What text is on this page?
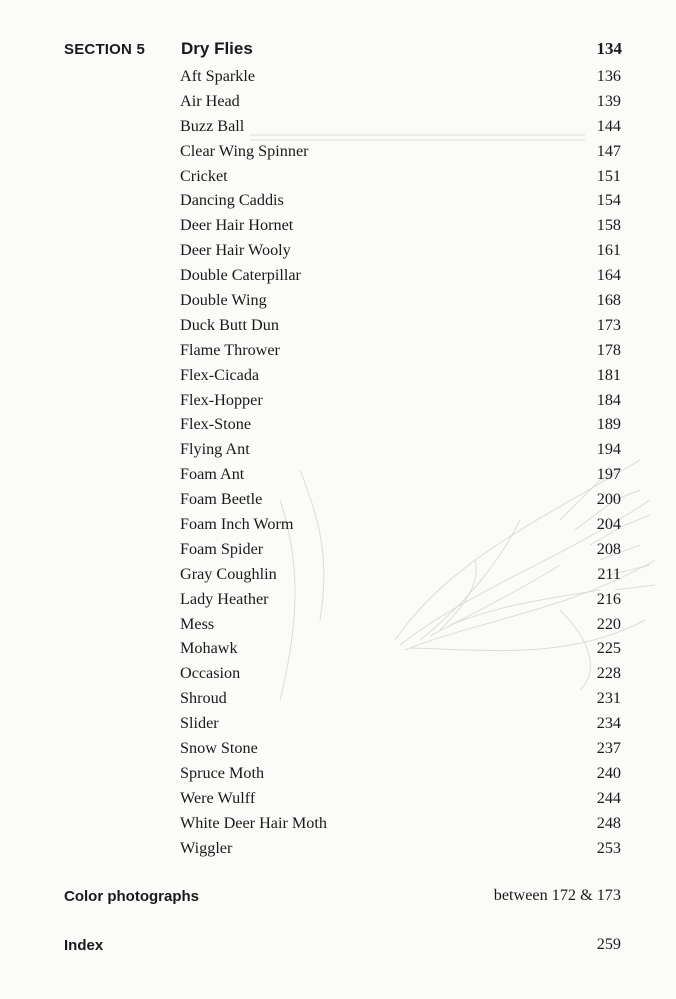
SECTION 5 Dry Flies	134
Aft Sparkle	136
Air Head	139
Buzz Ball	144
Clear Wing Spinner	147
Cricket	151
Dancing Caddis	154
Deer Hair Hornet	158
Deer Hair Wooly	161
Double Caterpillar	164
Double Wing	168
Duck Butt Dun	173
Flame Thrower	178
Flex-Cicada	181
Flex-Hopper	184
Flex-Stone	189
Flying Ant	194
Foam Ant	197
Foam Beetle	200
Foam Inch Worm	204
Foam Spider	208
Gray Coughlin	211
Lady Heather	216
Mess	220
Mohawk	225
Occasion	228
Shroud	231
Slider	234
Snow Stone	237
Spruce Moth	240
Were Wulff	244
White Deer Hair Moth	248
Wiggler	253
Color photographs	between 172 & 173
Index	259
